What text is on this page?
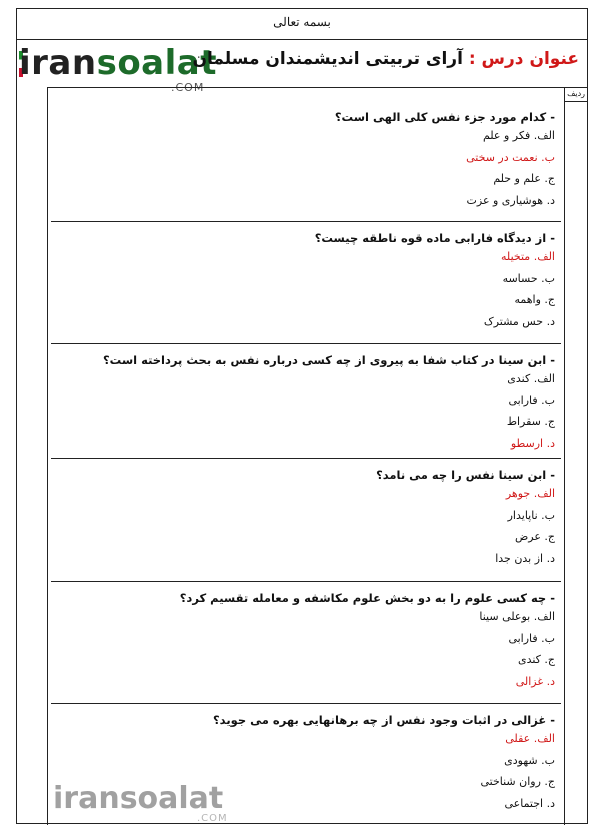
بسمه تعالی
iransoalat
.COM
عنوان درس : آرای تربیتی اندیشمندان مسلمان
ردیف
- کدام مورد جزء نفس کلی الهی است؟
الف. فکر و علم
ب. نعمت در سختی
ج. علم و حلم
د. هوشیاری و عزت
- از دیدگاه فارابی ماده قوه ناطقه چیست؟
الف. متخیله
ب. حساسه
ج. واهمه
د. حس مشترک
- ابن سینا در کتاب شفا به پیروی از چه کسی درباره نفس به بحث پرداخته است؟
الف. کندی
ب. فارابی
ج. سقراط
د. ارسطو
- ابن سینا نفس را چه می نامد؟
الف. جوهر
ب. ناپایدار
ج. عرض
د. از بدن جدا
- چه کسی علوم را به دو بخش علوم مکاشفه و معامله تقسیم کرد؟
الف. بوعلی سینا
ب. فارابی
ج. کندی
د. غزالی
- غزالی در اثبات وجود نفس از چه برهانهایی بهره می جوید؟
الف. عقلی
ب. شهودی
ج. روان شناختی
د. اجتماعی
iransoalat
.COM
